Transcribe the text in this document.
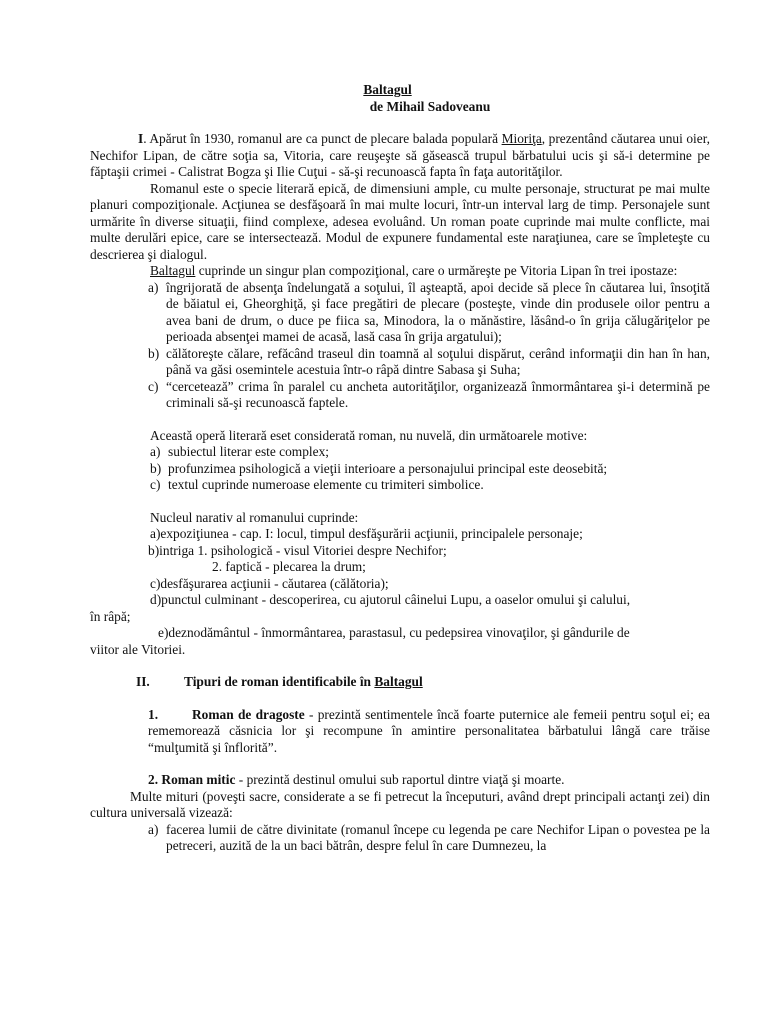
Baltagul
de Mihail Sadoveanu

I. Apărut în 1930, romanul are ca punct de plecare balada populară Mioriţa, prezentând căutarea unui oier, Nechifor Lipan, de către soţia sa, Vitoria, care reuşeşte să găsească trupul bărbatului ucis şi să-i determine pe făptaşii crimei - Calistrat Bogza şi Ilie Cuţui - să-şi recunoască fapta în faţa autorităţilor.

Romanul este o specie literară epică, de dimensiuni ample, cu multe personaje, structurat pe mai multe planuri compoziţionale. Acţiunea se desfăşoară în mai multe locuri, într-un interval larg de timp. Personajele sunt urmărite în diverse situaţii, fiind complexe, adesea evoluând. Un roman poate cuprinde mai multe conflicte, mai multe derulări epice, care se intersectează. Modul de expunere fundamental este naraţiunea, care se împleteşte cu descrierea şi dialogul.

Baltagul cuprinde un singur plan compoziţional, care o urmăreşte pe Vitoria Lipan în trei ipostaze:

a) îngrijorată de absenţa îndelungată a soţului, îl aşteaptă, apoi decide să plece în căutarea lui, însoţită de băiatul ei, Gheorghiţă, şi face pregătiri de plecare (posteşte, vinde din produsele oilor pentru a avea bani de drum, o duce pe fiica sa, Minodora, la o mănăstire, lăsând-o în grija călugăriţelor pe perioada absenţei mamei de acasă, lasă casa în grija argatului);
b) călătoreşte călare, refăcând traseul din toamnă al soţului dispărut, cerând informaţii din han în han, până va găsi osemintele acestuia într-o râpă dintre Sabasa şi Suha;
c) “cercetează” crima în paralel cu ancheta autorităţilor, organizează înmormântarea şi-i determină pe criminali să-şi recunoască faptele.

Această operă literară eset considerată roman, nu nuvelă, din următoarele motive:

a) subiectul literar este complex;
b) profunzimea psihologică a vieţii interioare a personajului principal este deosebită;
c) textul cuprinde numeroase elemente cu trimiteri simbolice.
Nucleul narativ al romanului cuprinde:
a)expoziţiunea - cap. I: locul, timpul desfăşurării acţiunii, principalele personaje;
b)intriga 1. psihologică - visul Vitoriei despre Nechifor;
2. faptică - plecarea la drum;
c)desfăşurarea acţiunii - căutarea (călătoria);
d)punctul culminant - descoperirea, cu ajutorul câinelui Lupu, a oaselor omului şi calului,
în râpă;
e)deznodământul - înmormântarea, parastasul, cu pedepsirea vinovaţilor, şi gândurile de
viitor ale Vitoriei.
II.	Tipuri de roman identificabile în Baltagul

1.	Roman de dragoste - prezintă sentimentele încă foarte puternice ale femeii pentru soţul ei; ea rememorează căsnicia lor şi recompune în amintire personalitatea bărbatului lângă care trăise “mulţumită şi înflorită”.

2. Roman mitic - prezintă destinul omului sub raportul dintre viaţă şi moarte.

Multe mituri (poveşti sacre, considerate a se fi petrecut la începuturi, având drept principali actanţi zei) din cultura universală vizează:

a) facerea lumii de către divinitate (romanul începe cu legenda pe care Nechifor Lipan o povestea pe la petreceri, auzită de la un baci bătrân, despre felul în care Dumnezeu, la
